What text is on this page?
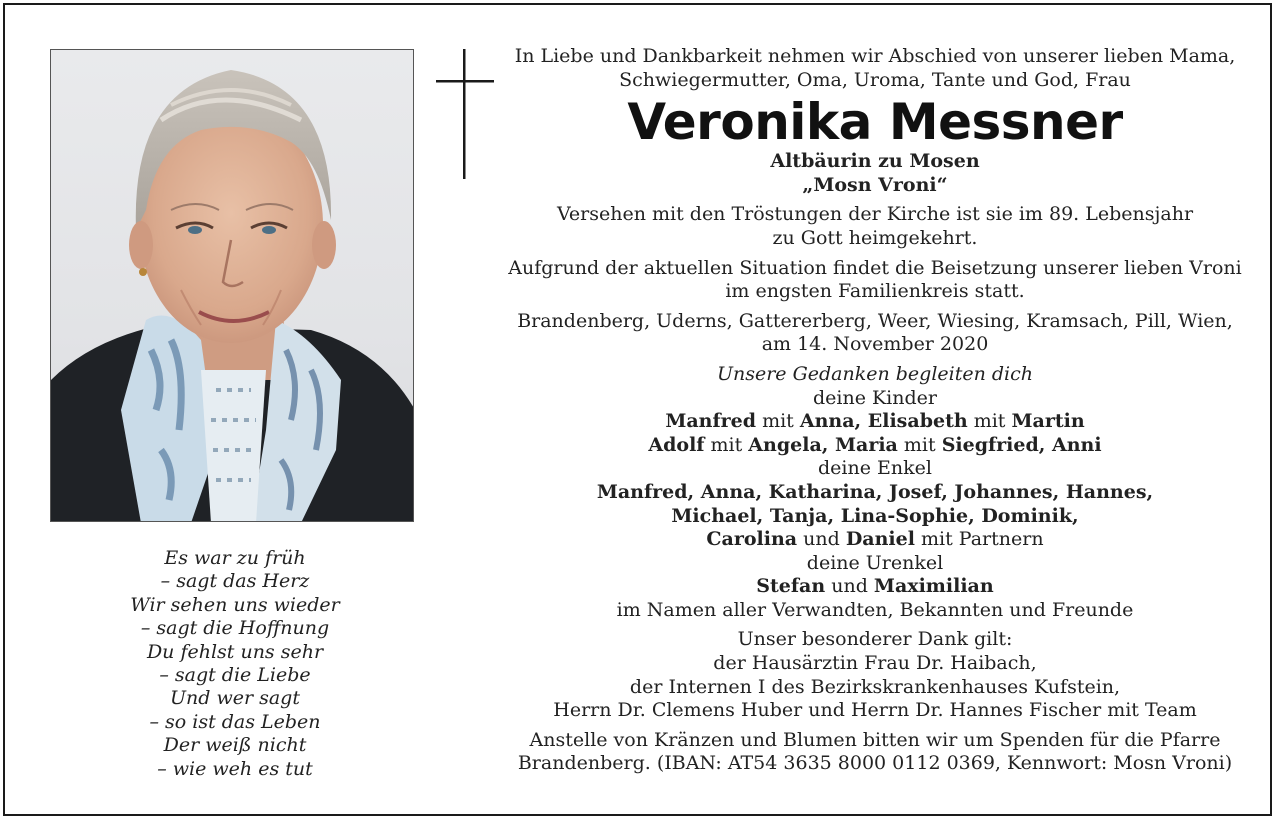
Es war zu früh
– sagt das Herz
Wir sehen uns wieder
– sagt die Hoffnung
Du fehlst uns sehr
– sagt die Liebe
Und wer sagt
– so ist das Leben
Der weiß nicht
– wie weh es tut
In Liebe und Dankbarkeit nehmen wir Abschied von unserer lieben Mama,
Schwiegermutter, Oma, Uroma, Tante und God, Frau
Veronika Messner
Altbäurin zu Mosen
„Mosn Vroni“
Versehen mit den Tröstungen der Kirche ist sie im 89. Lebensjahr
zu Gott heimgekehrt.
Aufgrund der aktuellen Situation findet die Beisetzung unserer lieben Vroni
im engsten Familienkreis statt.
Brandenberg, Uderns, Gattererberg, Weer, Wiesing, Kramsach, Pill, Wien,
am 14. November 2020
Unsere Gedanken begleiten dich
deine Kinder
Manfred mit Anna, Elisabeth mit Martin
Adolf mit Angela, Maria mit Siegfried, Anni
deine Enkel
Manfred, Anna, Katharina, Josef, Johannes, Hannes,
Michael, Tanja, Lina-Sophie, Dominik,
Carolina und Daniel mit Partnern
deine Urenkel
Stefan und Maximilian
im Namen aller Verwandten, Bekannten und Freunde
Unser besonderer Dank gilt:
der Hausärztin Frau Dr. Haibach,
der Internen I des Bezirkskrankenhauses Kufstein,
Herrn Dr. Clemens Huber und Herrn Dr. Hannes Fischer mit Team
Anstelle von Kränzen und Blumen bitten wir um Spenden für die Pfarre
Brandenberg. (IBAN: AT54 3635 8000 0112 0369, Kennwort: Mosn Vroni)
